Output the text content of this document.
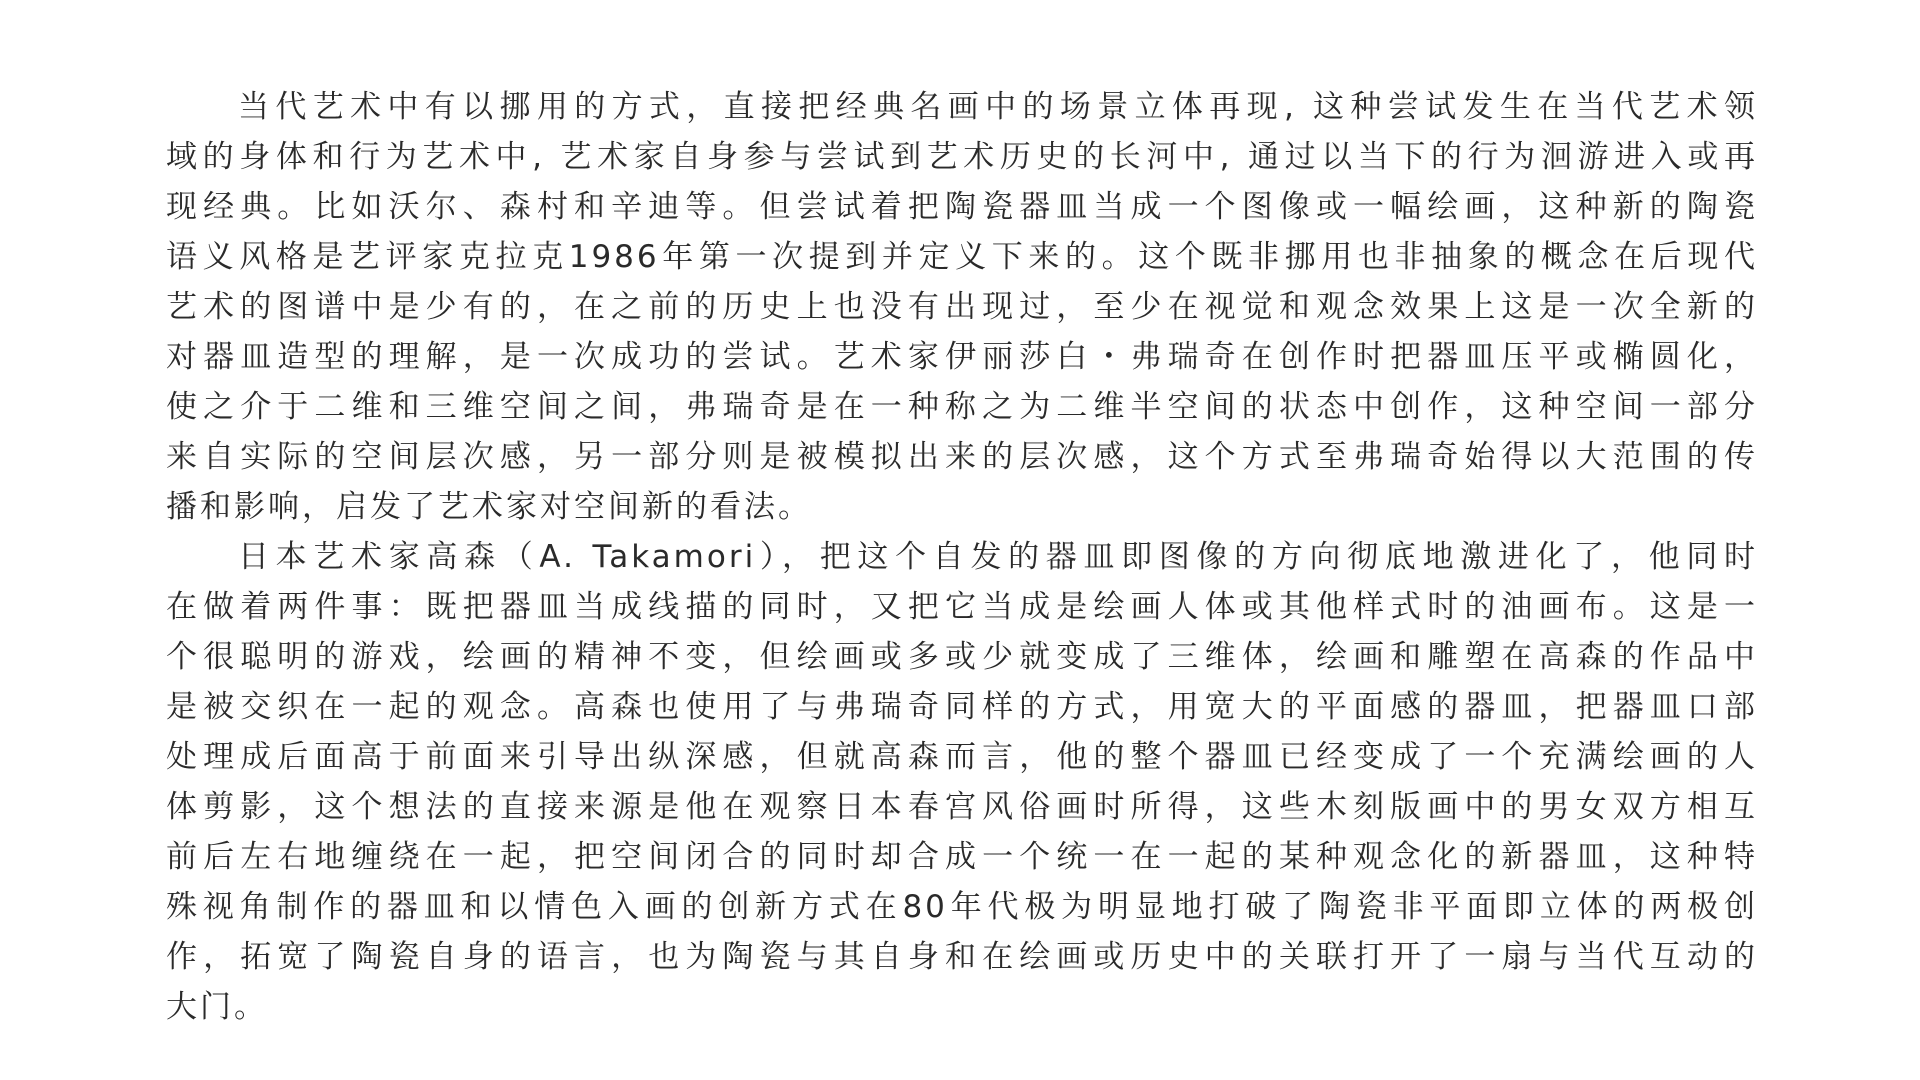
当代艺术中有以挪用的方式，直接把经典名画中的场景立体再现, 这种尝试发生在当代艺术领
域的身体和行为艺术中, 艺术家自身参与尝试到艺术历史的长河中, 通过以当下的行为洄游进入或再
现经典。比如沃尔、森村和辛迪等。但尝试着把陶瓷器皿当成一个图像或一幅绘画，这种新的陶瓷
语义风格是艺评家克拉克1986年第一次提到并定义下来的。这个既非挪用也非抽象的概念在后现代
艺术的图谱中是少有的，在之前的历史上也没有出现过，至少在视觉和观念效果上这是一次全新的
对器皿造型的理解，是一次成功的尝试。艺术家伊丽莎白・弗瑞奇在创作时把器皿压平或椭圆化，
使之介于二维和三维空间之间，弗瑞奇是在一种称之为二维半空间的状态中创作，这种空间一部分
来自实际的空间层次感，另一部分则是被模拟出来的层次感，这个方式至弗瑞奇始得以大范围的传
播和影响，启发了艺术家对空间新的看法。
日本艺术家高森（A. Takamori），把这个自发的器皿即图像的方向彻底地激进化了，他同时
在做着两件事：既把器皿当成线描的同时，又把它当成是绘画人体或其他样式时的油画布。这是一
个很聪明的游戏，绘画的精神不变，但绘画或多或少就变成了三维体，绘画和雕塑在高森的作品中
是被交织在一起的观念。高森也使用了与弗瑞奇同样的方式，用宽大的平面感的器皿，把器皿口部
处理成后面高于前面来引导出纵深感，但就高森而言，他的整个器皿已经变成了一个充满绘画的人
体剪影，这个想法的直接来源是他在观察日本春宫风俗画时所得，这些木刻版画中的男女双方相互
前后左右地缠绕在一起，把空间闭合的同时却合成一个统一在一起的某种观念化的新器皿，这种特
殊视角制作的器皿和以情色入画的创新方式在80年代极为明显地打破了陶瓷非平面即立体的两极创
作，拓宽了陶瓷自身的语言，也为陶瓷与其自身和在绘画或历史中的关联打开了一扇与当代互动的
大门。
